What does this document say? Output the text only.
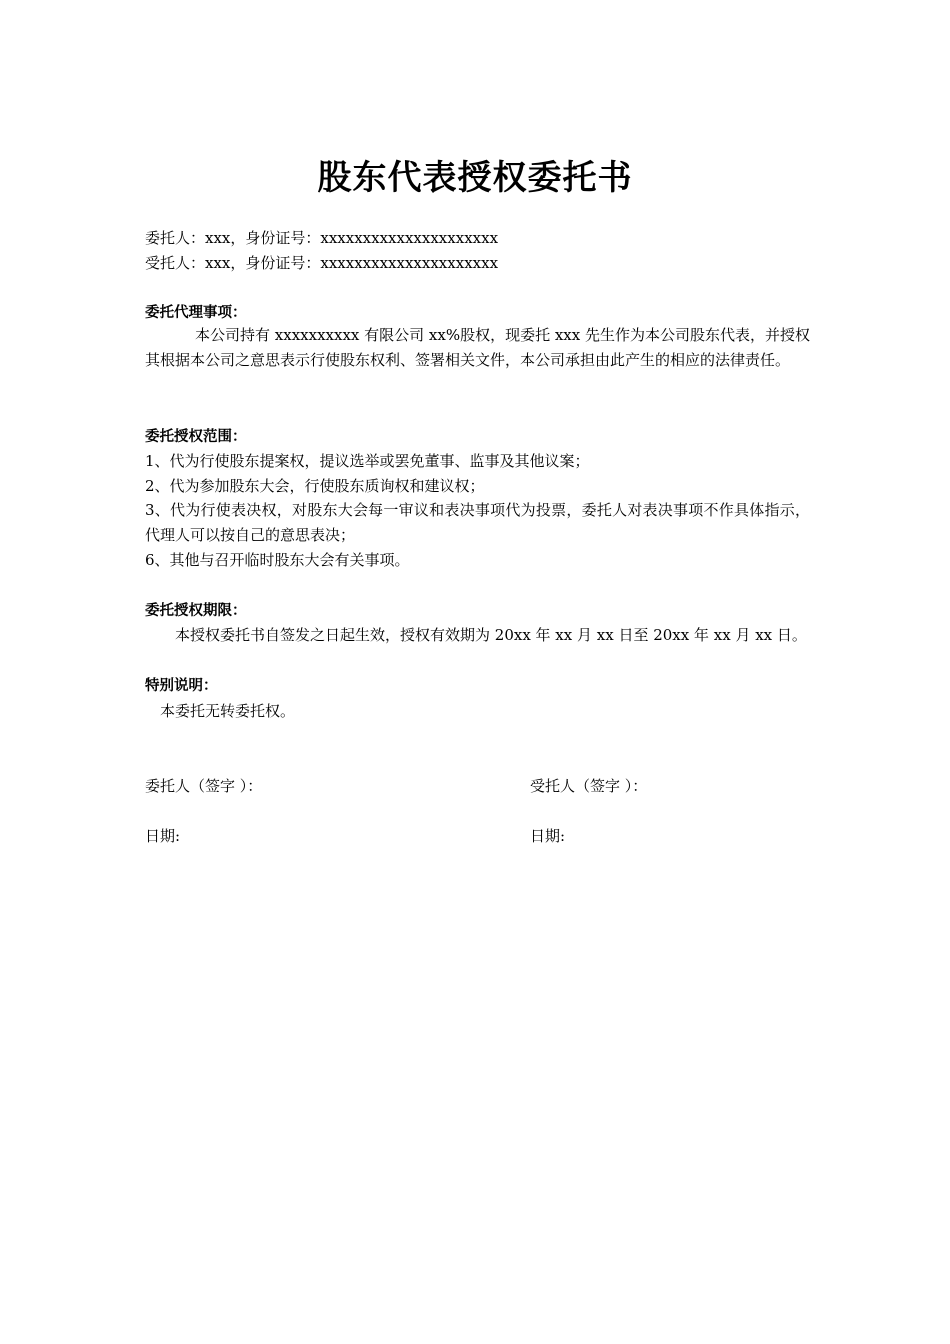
股东代表授权委托书
委托人：xxx，身份证号：xxxxxxxxxxxxxxxxxxxxx
受托人：xxx，身份证号：xxxxxxxxxxxxxxxxxxxxx
委托代理事项：
本公司持有 xxxxxxxxxx 有限公司 xx%股权，现委托 xxx 先生作为本公司股东代表，并授权其根据本公司之意思表示行使股东权利、签署相关文件，本公司承担由此产生的相应的法律责任。
委托授权范围：
1、代为行使股东提案权，提议选举或罢免董事、监事及其他议案；
2、代为参加股东大会，行使股东质询权和建议权；
3、代为行使表决权，对股东大会每一审议和表决事项代为投票，委托人对表决事项不作具体指示，代理人可以按自己的意思表决；
6、其他与召开临时股东大会有关事项。
委托授权期限：
本授权委托书自签发之日起生效，授权有效期为 20xx 年 xx 月 xx 日至 20xx 年 xx 月 xx 日。
特别说明：
本委托无转委托权。
委托人（签字 ）：	受托人（签字 ）：
日期:	日期:
